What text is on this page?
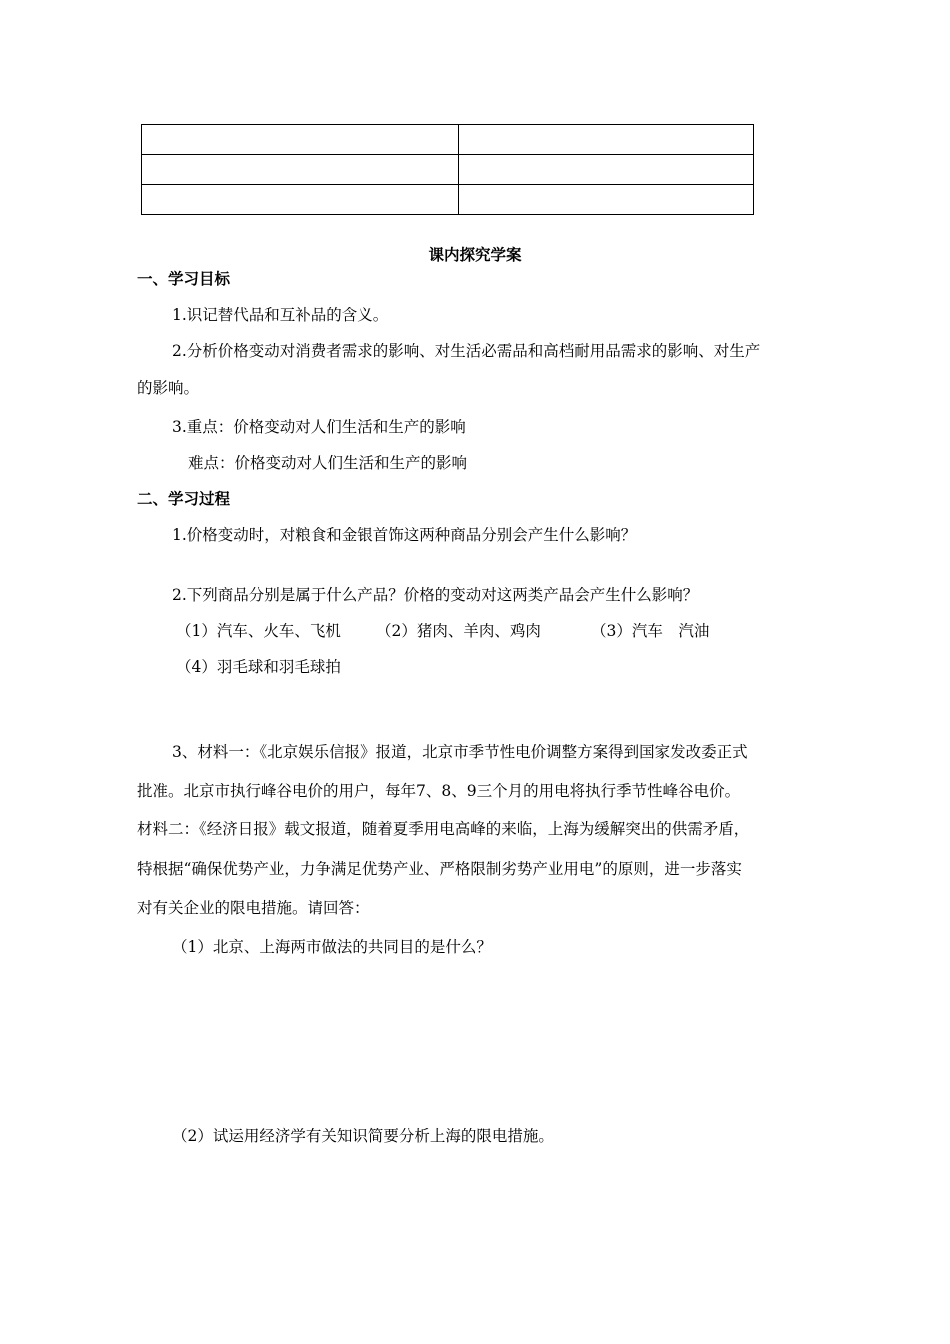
课内探究学案
一、学习目标
1.识记替代品和互补品的含义。
2.分析价格变动对消费者需求的影响、对生活必需品和高档耐用品需求的影响、对生产
的影响。
3.重点：价格变动对人们生活和生产的影响
难点：价格变动对人们生活和生产的影响
二、学习过程
1.价格变动时，对粮食和金银首饰这两种商品分别会产生什么影响？
2.下列商品分别是属于什么产品？价格的变动对这两类产品会产生什么影响？
（1）汽车、火车、飞机 （2）猪肉、羊肉、鸡肉	（3）汽车　汽油
（4）羽毛球和羽毛球拍
3、材料一：《北京娱乐信报》报道，北京市季节性电价调整方案得到国家发改委正式
批准。北京市执行峰谷电价的用户，每年7、8、9三个月的用电将执行季节性峰谷电价。
材料二：《经济日报》载文报道，随着夏季用电高峰的来临，上海为缓解突出的供需矛盾，
特根据“确保优势产业，力争满足优势产业、严格限制劣势产业用电”的原则，进一步落实
对有关企业的限电措施。请回答：
（1）北京、上海两市做法的共同目的是什么？
（2）试运用经济学有关知识简要分析上海的限电措施。
